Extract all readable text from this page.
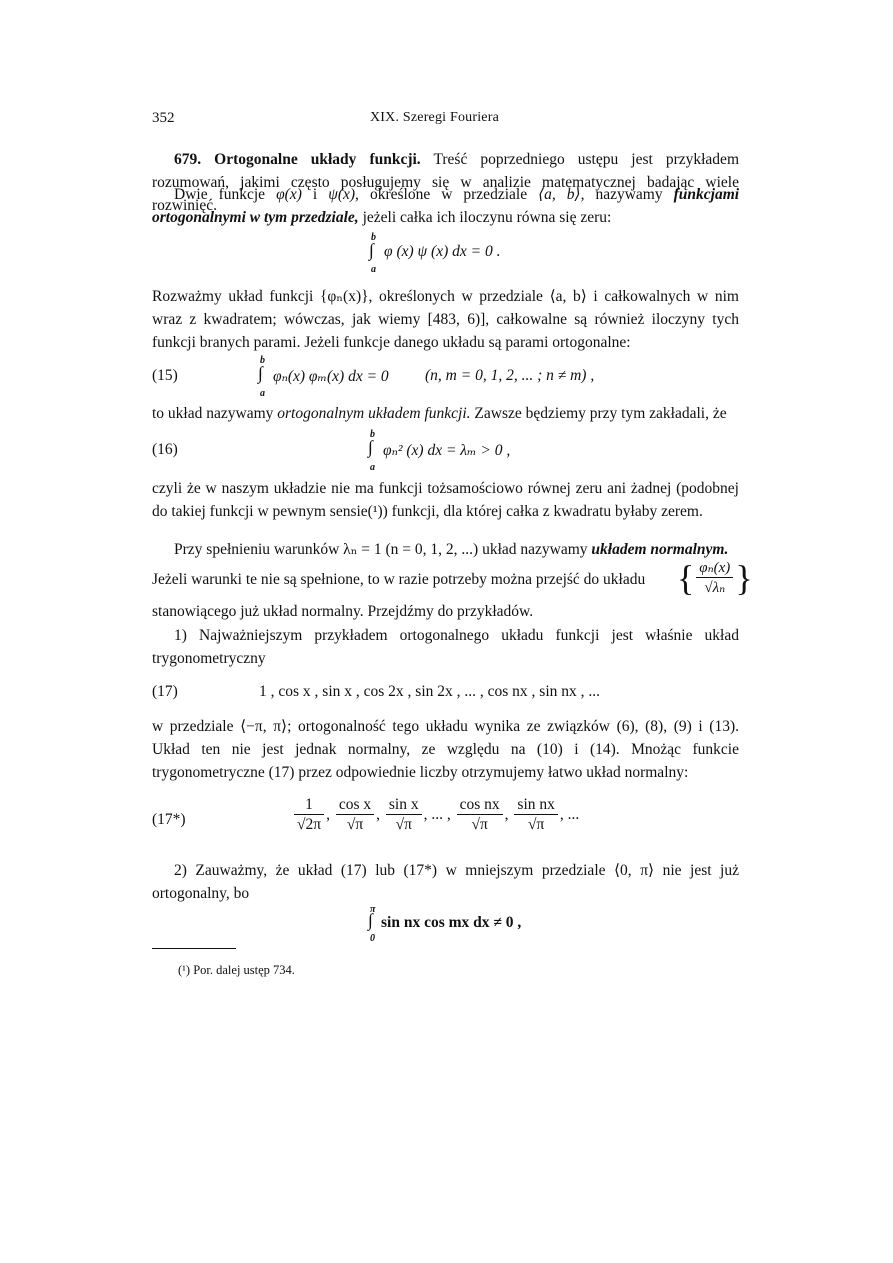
352	XIX. Szeregi Fouriera
679. Ortogonalne układy funkcji. Treść poprzedniego ustępu jest przykładem rozumowań, jakimi często posługujemy się w analizie matematycznej badając wiele rozwinięć.
Dwie funkcje φ(x) i ψ(x), określone w przedziale ⟨a, b⟩, nazywamy funkcjami ortogonalnymi w tym przedziale, jeżeli całka ich iloczynu równa się zeru:
b
∫
a
φ (x) ψ (x) dx = 0 .
Rozważmy układ funkcji {φₙ(x)}, określonych w przedziale ⟨a, b⟩ i całkowalnych w nim wraz z kwadratem; wówczas, jak wiemy [483, 6)], całkowalne są również iloczyny tych funkcji branych parami. Jeżeli funkcje danego układu są parami ortogonalne:
(15)
b
∫
a
φₙ(x) φₘ(x) dx = 0 (n, m = 0, 1, 2, ... ; n ≠ m) ,
to układ nazywamy ortogonalnym układem funkcji. Zawsze będziemy przy tym zakładali, że
(16)
b
∫
a
φₙ² (x) dx = λₘ > 0 ,
czyli że w naszym układzie nie ma funkcji tożsamościowo równej zeru ani żadnej (podobnej do takiej funkcji w pewnym sensie(¹)) funkcji, dla której całka z kwadratu byłaby zerem.
Przy spełnieniu warunków λₙ = 1 (n = 0, 1, 2, ...) układ nazywamy układem normalnym.
Jeżeli warunki te nie są spełnione, to w razie potrzeby można przejść do układu { $\frac{\text{φₙ(x)}}{\text{√λₙ}}$ }
stanowiącego już układ normalny. Przejdźmy do przykładów.
1) Najważniejszym przykładem ortogonalnego układu funkcji jest właśnie układ trygonometryczny
(17)	1 , cos x , sin x , cos 2x , sin 2x , ... , cos nx , sin nx , ...
w przedziale ⟨−π, π⟩; ortogonalność tego układu wynika ze związków (6), (8), (9) i (13). Układ ten nie jest jednak normalny, ze względu na (10) i (14). Mnożąc funkcie trygonometryczne (17) przez odpowiednie liczby otrzymujemy łatwo układ normalny:
(17*)	$\frac{1}{√2\pi}$ , $\frac{\text{cos x}}{√\pi}$ , $\frac{\text{sin x}}{√\pi}$ , ... , $\frac{\text{cos nx}}{√\pi}$ , $\frac{\text{sin nx}}{√\pi}$ , ...
2) Zauważmy, że układ (17) lub (17*) w mniejszym przedziale ⟨0, π⟩ nie jest już ortogonalny, bo
π
∫
0
sin nx cos mx dx ≠ 0 ,
(¹) Por. dalej ustęp 734.
